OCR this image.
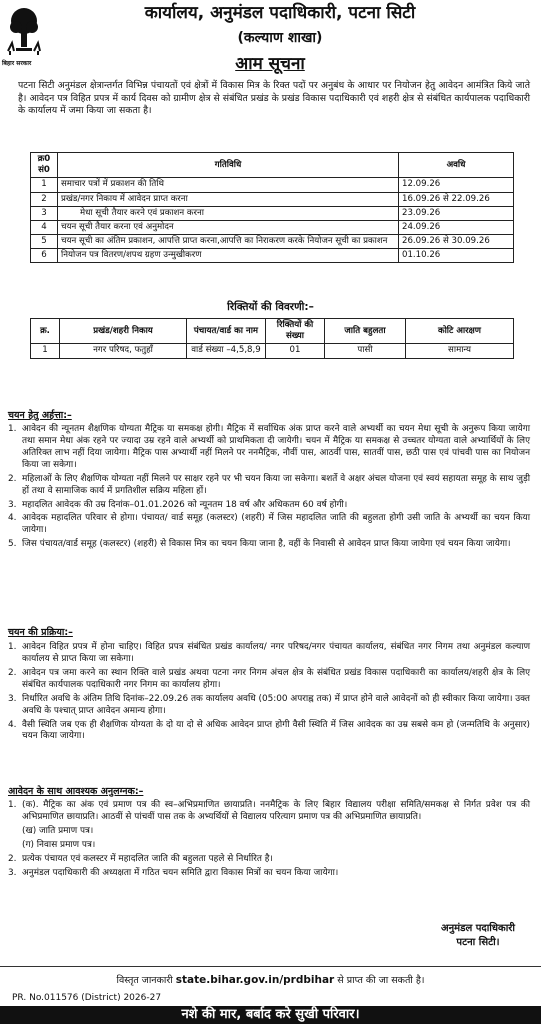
बिहार सरकार
कार्यालय, अनुमंडल पदाधिकारी, पटना सिटी
(कल्याण शाखा)
आम सूचना
पटना सिटी अनुमंडल क्षेत्रान्तर्गत विभिन्न पंचायतों एवं क्षेत्रों में विकास मित्र के रिक्त पदों पर अनुबंध के आधार पर नियोजन हेतु आवेदन आमंत्रित किये जाते है। आवेदन पत्र विहित प्रपत्र में कार्य दिवस को ग्रामीण क्षेत्र से संबंधित प्रखंड के प्रखंड विकास पदाधिकारी एवं शहरी क्षेत्र से संबंधित कार्यपालक पदाधिकारी के कार्यालय में जमा किया जा सकता है।
क्र0 सं0	गतिविधि	अवधि
1	समाचार पत्रों में प्रकाशन की तिथि	12.09.26
2	प्रखंड/नगर निकाय में आवेदन प्राप्त करना	16.09.26 से 22.09.26
3	मेधा सूची तैयार करने एवं प्रकाशन करना	23.09.26
4	चयन सूची तैयार करना एवं अनुमोदन	24.09.26
5	चयन सूची का अंतिम प्रकाशन, आपत्ति प्राप्त करना,आपत्ति का निराकरण करके नियोजन सूची का प्रकाशन	26.09.26 से 30.09.26
6	नियोजन पत्र वितरण/शपथ ग्रहण उन्मुखीकरण	01.10.26
रिक्तियों की विवरणी:–
क्र.	प्रखंड/शहरी निकाय	पंचायत/वार्ड का नाम	रिक्तियों की संख्या	जाति बहुलता	कोटि आरक्षण
1	नगर परिषद, फतुहाँ	वार्ड संख्या –4,5,8,9	01	पासी	सामान्य
चयन हेतु अर्हत्ता:–
1. आवेदन की न्यूनतम शैक्षणिक योग्यता मैट्रिक या समकक्ष होगी। मैट्रिक में सर्वाधिक अंक प्राप्त करने वाले अभ्यर्थी का चयन मेधा सूची के अनुरूप किया जायेगा तथा समान मेधा अंक रहने पर ज्यादा उम्र रहने वाले अभ्यर्थी को प्राथमिकता दी जायेगी। चयन में मैट्रिक या समकक्ष से उच्चतर योग्यता वाले अभ्यार्थियों के लिए अतिरिक्त लाभ नहीं दिया जायेगा। मैट्रिक पास अभ्यार्थी नहीं मिलने पर ननमैट्रिक, नौवीं पास, आठवीं पास, सातवीं पास, छठी पास एवं पांचवी पास का नियोजन किया जा सकेगा।
2. महिलाओं के लिए शैक्षणिक योग्यता नहीं मिलने पर साक्षर रहने पर भी चयन किया जा सकेगा। बशर्ते वे अक्षर अंचल योजना एवं स्वयं सहायता समूह के साथ जुड़ी हों तथा वे सामाजिक कार्य में प्रगतिशील सक्रिय महिला हों।
3. महादलित आवेदक की उम्र दिनांक–01.01.2026 को न्यूनतम 18 वर्ष और अधिकतम 60 वर्ष होगी।
4. आवेदक महादलित परिवार से होगा। पंचायत/ वार्ड समूह (कलस्टर) (शहरी) में जिस महादलित जाति की बहुलता होगी उसी जाति के अभ्यर्थी का चयन किया जायेगा।
5. जिस पंचायत/वार्ड समूह (कलस्टर) (शहरी) से विकास मित्र का चयन किया जाना है, वहीं के निवासी से आवेदन प्राप्त किया जायेगा एवं चयन किया जायेगा।
चयन की प्रक्रिया:–
1. आवेदन विहित प्रपत्र में होना चाहिए। विहित प्रपत्र संबंधित प्रखंड कार्यालय/ नगर परिषद/नगर पंचायत कार्यालय, संबंधित नगर निगम तथा अनुमंडल कल्याण कार्यालय से प्राप्त किया जा सकेगा।
2. आवेदन पत्र जमा करने का स्थान रिक्ति वाले प्रखंड अथवा पटना नगर निगम अंचल क्षेत्र के संबंधित प्रखंड विकास पदाधिकारी का कार्यालय/शहरी क्षेत्र के लिए संबंधित कार्यपालक पदाधिकारी नगर निगम का कार्यालय होगा।
3. निर्धारित अवधि के अंतिम तिथि दिनांक–22.09.26 तक कार्यालय अवधि (05:00 अपराह्न तक) में प्राप्त होने वाले आवेदनों को ही स्वीकार किया जायेगा। उक्त अवधि के पश्चात् प्राप्त आवेदन अमान्य होगा।
4. वैसी स्थिति जब एक ही शैक्षणिक योग्यता के दो या दो से अधिक आवेदन प्राप्त होगी वैसी स्थिति में जिस आवेदक का उम्र सबसे कम हो (जन्मतिथि के अनुसार) चयन किया जायेगा।
आवेदन के साथ आवश्यक अनुलग्नक:–
1. (क). मैट्रिक का अंक एवं प्रमाण पत्र की स्व–अभिप्रमाणित छायाप्रति। ननमैट्रिक के लिए बिहार विद्यालय परीक्षा समिति/समकक्ष से निर्गत प्रवेश पत्र की अभिप्रमाणित छायाप्रति। आठवीं से पांचवीं पास तक के अभ्यर्थियों से विद्यालय परित्याग प्रमाण पत्र की अभिप्रमाणित छायाप्रति।
(ख) जाति प्रमाण पत्र।
(ग) निवास प्रमाण पत्र।
2. प्रत्येक पंचायत एवं कलस्टर में महादलित जाति की बहुलता पहले से निर्धारित है।
3. अनुमंडल पदाधिकारी की अध्यक्षता में गठित चयन समिति द्वारा विकास मित्रों का चयन किया जायेगा।
अनुमंडल पदाधिकारी
पटना सिटी।
विस्तृत जानकारी state.bihar.gov.in/prdbihar से प्राप्त की जा सकती है।
PR. No.011576 (District) 2026-27
नशे की मार, बर्बाद करे सुखी परिवार।
